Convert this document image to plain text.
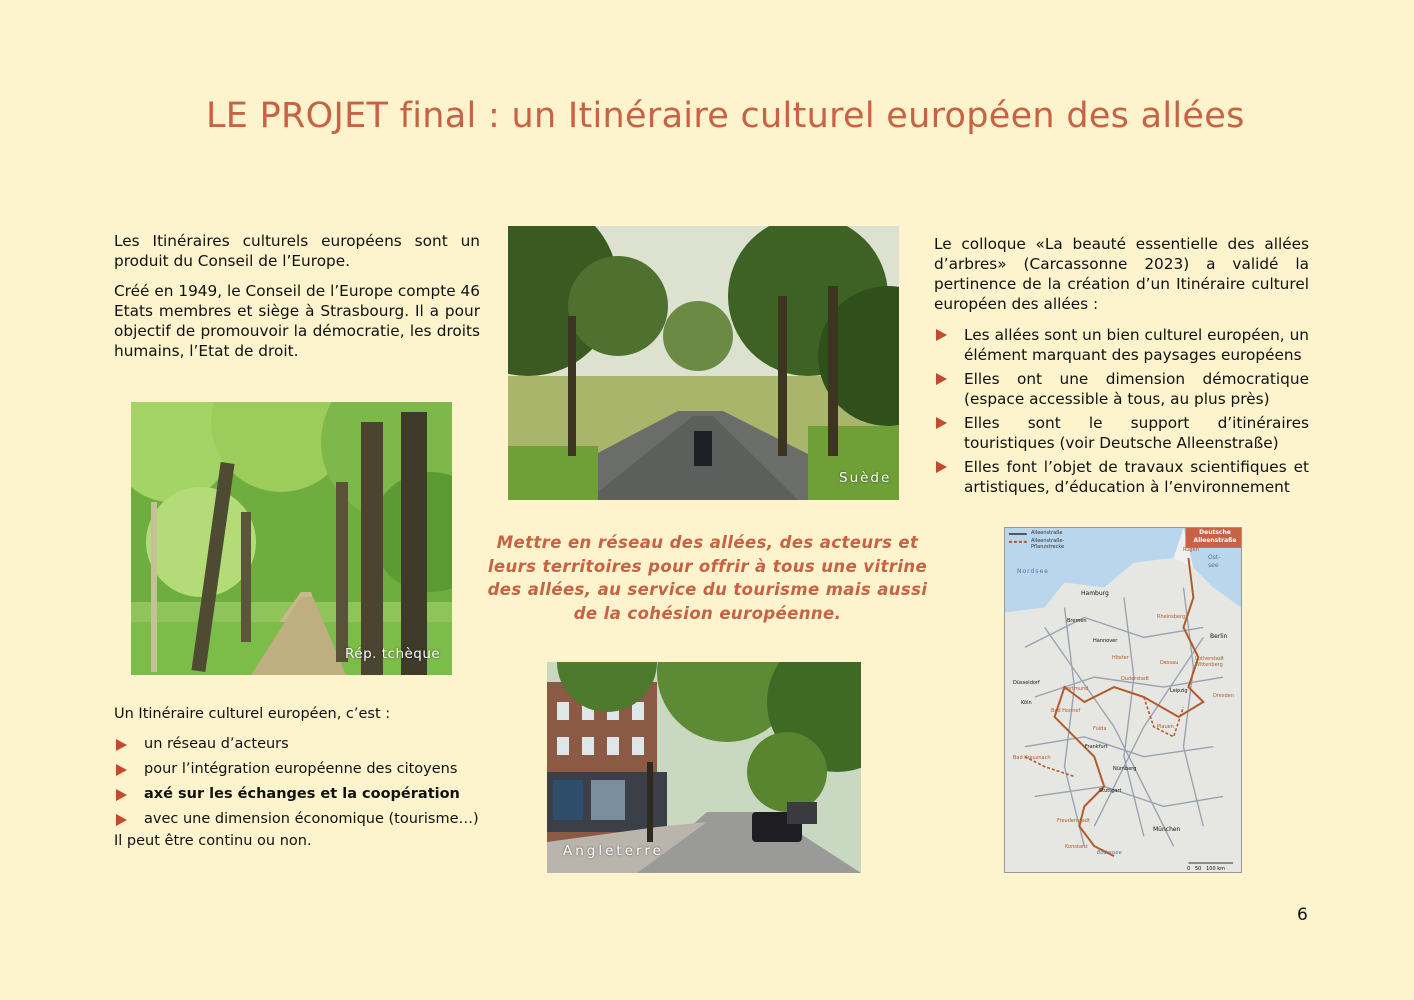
LE PROJET final : un Itinéraire culturel européen des allées

Les Itinéraires culturels européens sont un produit du Conseil de l’Europe.

Créé en 1949, le Conseil de l’Europe compte 46 Etats membres et siège à Strasbourg. Il a pour objectif de promouvoir la démocratie, les droits humains, l’Etat de droit.

Rép. tchèque
Suède
Le colloque «La beauté essentielle des allées d’arbres» (Carcassonne 2023) a validé la pertinence de la création d’un Itinéraire culturel européen des allées :
Les allées sont un bien culturel européen, un élément marquant des paysages européens
Elles ont une dimension démocratique (espace accessible à tous, au plus près)
Elles sont le support d’itinéraires touristiques (voir Deutsche Alleenstraße)
Elles font l’objet de travaux scientifiques et artistiques, d’éducation à l’environnement
Mettre en réseau des allées, des acteurs et leurs territoires pour offrir à tous une vitrine des allées, au service du tourisme mais aussi de la cohésion européenne.
Alleenstraße
Alleenstraße-Pflanzstrecke
Deutsche Alleenstraße
Nordsee
Ost-see
Rügen
Hamburg
Bremen
Hannover
Rheinsberg
Berlin
Lutherstadt Wittenberg
Dessau
Höxter
Dortmund
Düsseldorf
Köln
Duderstadt
Leipzig
Dresden
Bad Honnef
Fulda
Frankfurt
Plauen
Bad Kreuznach
Nürnberg
Stuttgart
Freudenstadt
München
Konstanz
Bodensee
0   50   100 km
Un Itinéraire culturel européen, c’est :
un réseau d’acteurs
pour l’intégration européenne des citoyens
axé sur les échanges et la coopération
avec une dimension économique (tourisme…)
Il peut être continu ou non.
Angleterre
6
